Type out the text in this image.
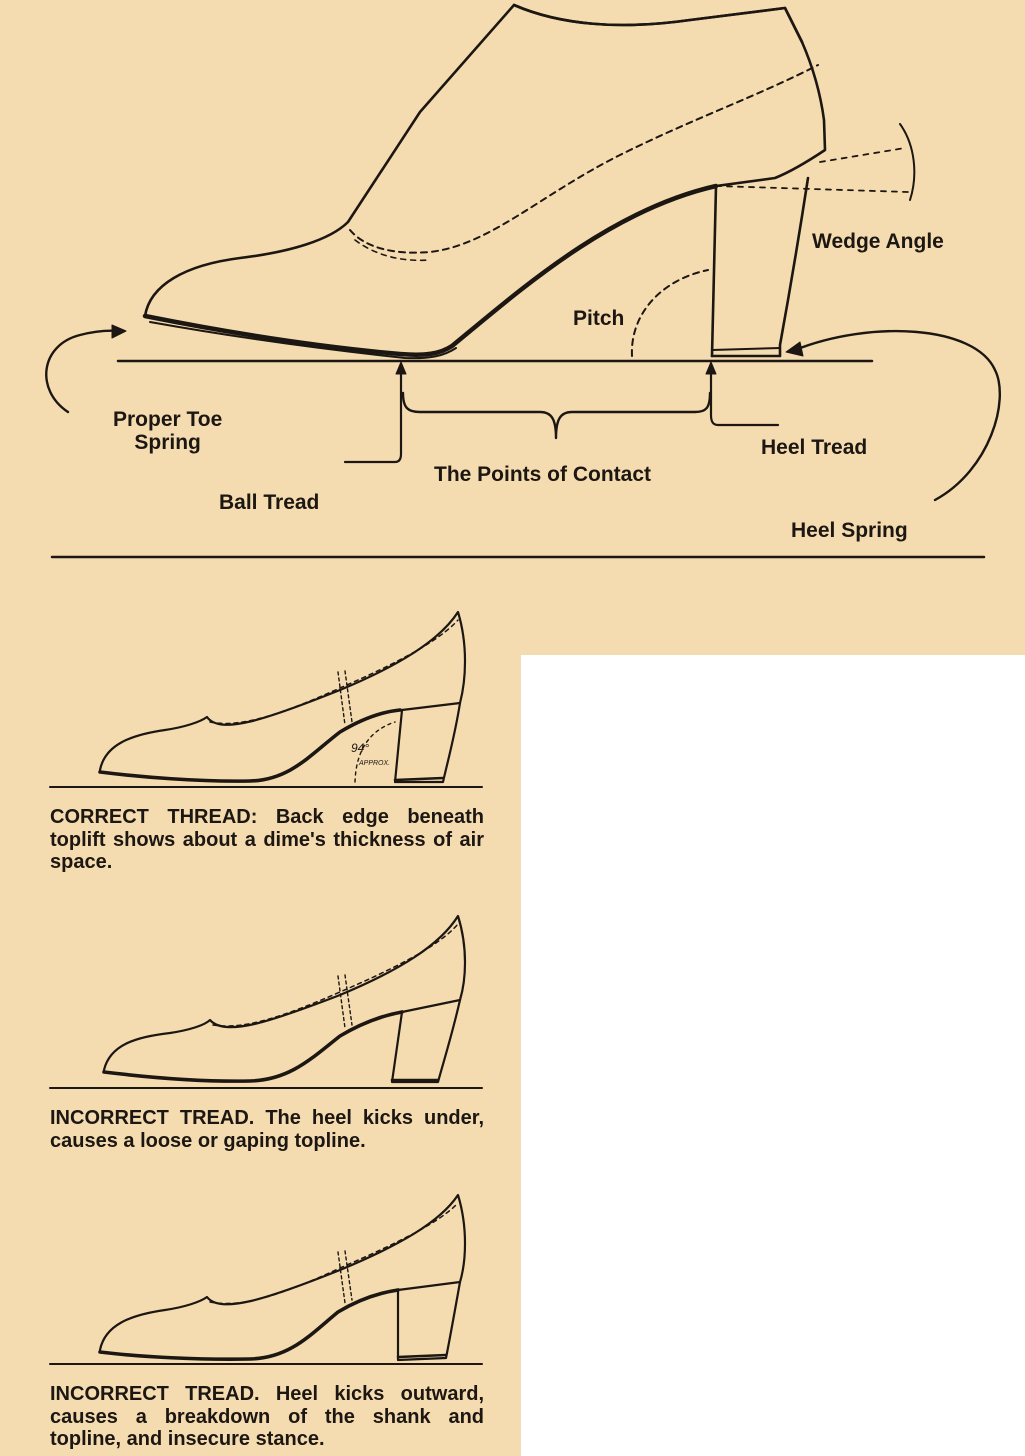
94°
APPROX.
Wedge Angle
Pitch
Proper Toe
Spring	Heel Tread
The Points of Contact
Ball Tread
Heel Spring
CORRECT THREAD: Back edge beneath toplift shows about a dime's thickness of air space.
INCORRECT TREAD. The heel kicks under, causes a loose or gaping topline.
INCORRECT TREAD. Heel kicks outward, causes a breakdown of the shank and topline, and insecure stance.
